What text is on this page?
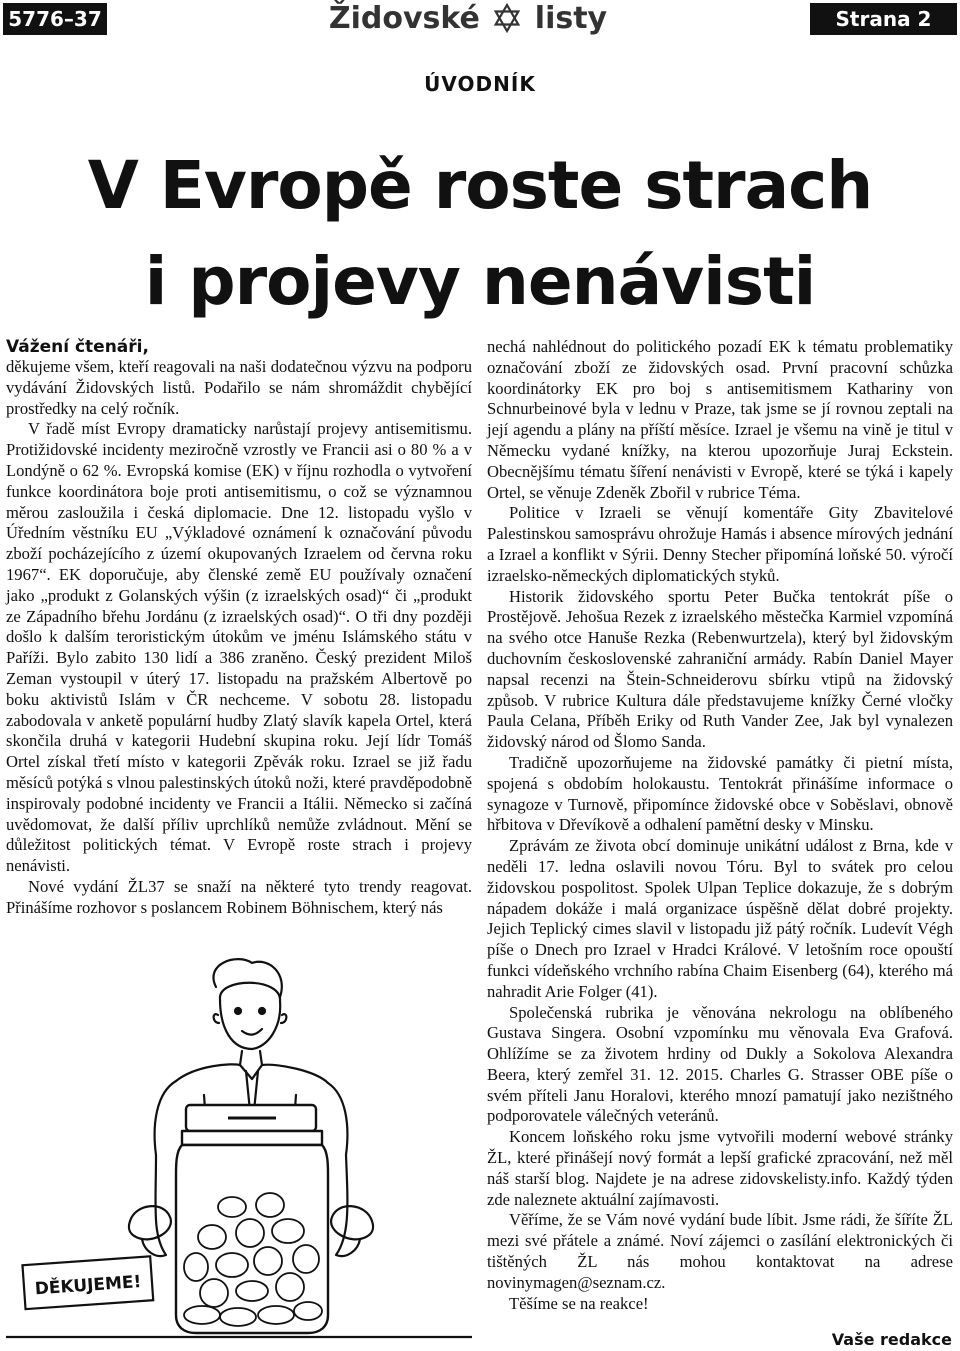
5776–37	Židovské listy	Strana 2
ÚVODNÍK
V Evropě roste strach
i projevy nenávisti
Vážení čtenáři,

děkujeme všem, kteří reagovali na naši dodatečnou výzvu na podporu vydávání Židovských listů. Podařilo se nám shromáždit chybějící prostředky na celý ročník.

V řadě míst Evropy dramaticky narůstají projevy antisemitismu. Protižidovské incidenty meziročně vzrostly ve Francii asi o 80 % a v Londýně o 62 %. Evropská komise (EK) v říjnu rozhodla o vytvoření funkce koordinátora boje proti antisemitismu, o což se významnou měrou zasloužila i česká diplomacie. Dne 12. listopadu vyšlo v Úředním věstníku EU „Výkladové oznámení k označování původu zboží pocházejícího z území okupovaných Izraelem od června roku 1967“. EK doporučuje, aby členské země EU používaly označení jako „produkt z Golanských výšin (z izraelských osad)“ či „produkt ze Západního břehu Jordánu (z izraelských osad)“. O tři dny později došlo k dalším teroristickým útokům ve jménu Islámského státu v Paříži. Bylo zabito 130 lidí a 386 zraněno. Český prezident Miloš Zeman vystoupil v úterý 17. listopadu na pražském Albertově po boku aktivistů Islám v ČR nechceme. V sobotu 28. listopadu zabodovala v anketě populární hudby Zlatý slavík kapela Ortel, která skončila druhá v kategorii Hudební skupina roku. Její lídr Tomáš Ortel získal třetí místo v kategorii Zpěvák roku. Izrael se již řadu měsíců potýká s vlnou palestinských útoků noži, které pravděpodobně inspirovaly podobné incidenty ve Francii a Itálii. Německo si začíná uvědomovat, že další příliv uprchlíků nemůže zvládnout. Mění se důležitost politických témat. V Evropě roste strach i projevy nenávisti.

Nové vydání ŽL37 se snaží na některé tyto trendy reagovat. Přinášíme rozhovor s poslancem Robinem Böhnischem, který nás

DĚKUJEME!

nechá nahlédnout do politického pozadí EK k tématu problematiky označování zboží ze židovských osad. První pracovní schůzka koordinátorky EK pro boj s antisemitismem Kathariny von Schnurbeinové byla v lednu v Praze, tak jsme se jí rovnou zeptali na její agendu a plány na příští měsíce. Izrael je všemu na vině je titul v Německu vydané knížky, na kterou upozorňuje Juraj Eckstein. Obecnějšímu tématu šíření nenávisti v Evropě, které se týká i kapely Ortel, se věnuje Zdeněk Zbořil v rubrice Téma.

Politice v Izraeli se věnují komentáře Gity Zbavitelové Palestinskou samosprávu ohrožuje Hamás i absence mírových jednání a Izrael a konflikt v Sýrii. Denny Stecher připomíná loňské 50. výročí izraelsko-německých diplomatických styků.

Historik židovského sportu Peter Bučka tentokrát píše o Prostějově. Jehošua Rezek z izraelského městečka Karmiel vzpomíná na svého otce Hanuše Rezka (Rebenwurtzela), který byl židovským duchovním československé zahraniční armády. Rabín Daniel Mayer napsal recenzi na Štein-Schneiderovu sbírku vtipů na židovský způsob. V rubrice Kultura dále představujeme knížky Černé vločky Paula Celana, Příběh Eriky od Ruth Vander Zee, Jak byl vynalezen židovský národ od Šlomo Sanda.

Tradičně upozorňujeme na židovské památky či pietní místa, spojená s obdobím holokaustu. Tentokrát přinášíme informace o synagoze v Turnově, připomínce židovské obce v Soběslavi, obnově hřbitova v Dřevíkově a odhalení pamětní desky v Minsku.

Zprávám ze života obcí dominuje unikátní událost z Brna, kde v neděli 17. ledna oslavili novou Tóru. Byl to svátek pro celou židovskou pospolitost. Spolek Ulpan Teplice dokazuje, že s dobrým nápadem dokáže i malá organizace úspěšně dělat dobré projekty. Jejich Teplický cimes slavil v listopadu již pátý ročník. Ludevít Végh píše o Dnech pro Izrael v Hradci Králové. V letošním roce opouští funkci vídeňského vrchního rabína Chaim Eisenberg (64), kterého má nahradit Arie Folger (41).

Společenská rubrika je věnována nekrologu na oblíbeného Gustava Singera. Osobní vzpomínku mu věnovala Eva Grafová. Ohlížíme se za životem hrdiny od Dukly a Sokolova Alexandra Beera, který zemřel 31. 12. 2015. Charles G. Strasser OBE píše o svém příteli Janu Horalovi, kterého mnozí pamatují jako nezištného podporovatele válečných veteránů.

Koncem loňského roku jsme vytvořili moderní webové stránky ŽL, které přinášejí nový formát a lepší grafické zpracování, než měl náš starší blog. Najdete je na adrese zidovskelisty.info. Každý týden zde naleznete aktuální zajímavosti.

Věříme, že se Vám nové vydání bude líbit. Jsme rádi, že šíříte ŽL mezi své přátele a známé. Noví zájemci o zasílání elektronických či tištěných ŽL nás mohou kontaktovat na adrese novinymagen@seznam.cz.

Těšíme se na reakce!

Vaše redakce
